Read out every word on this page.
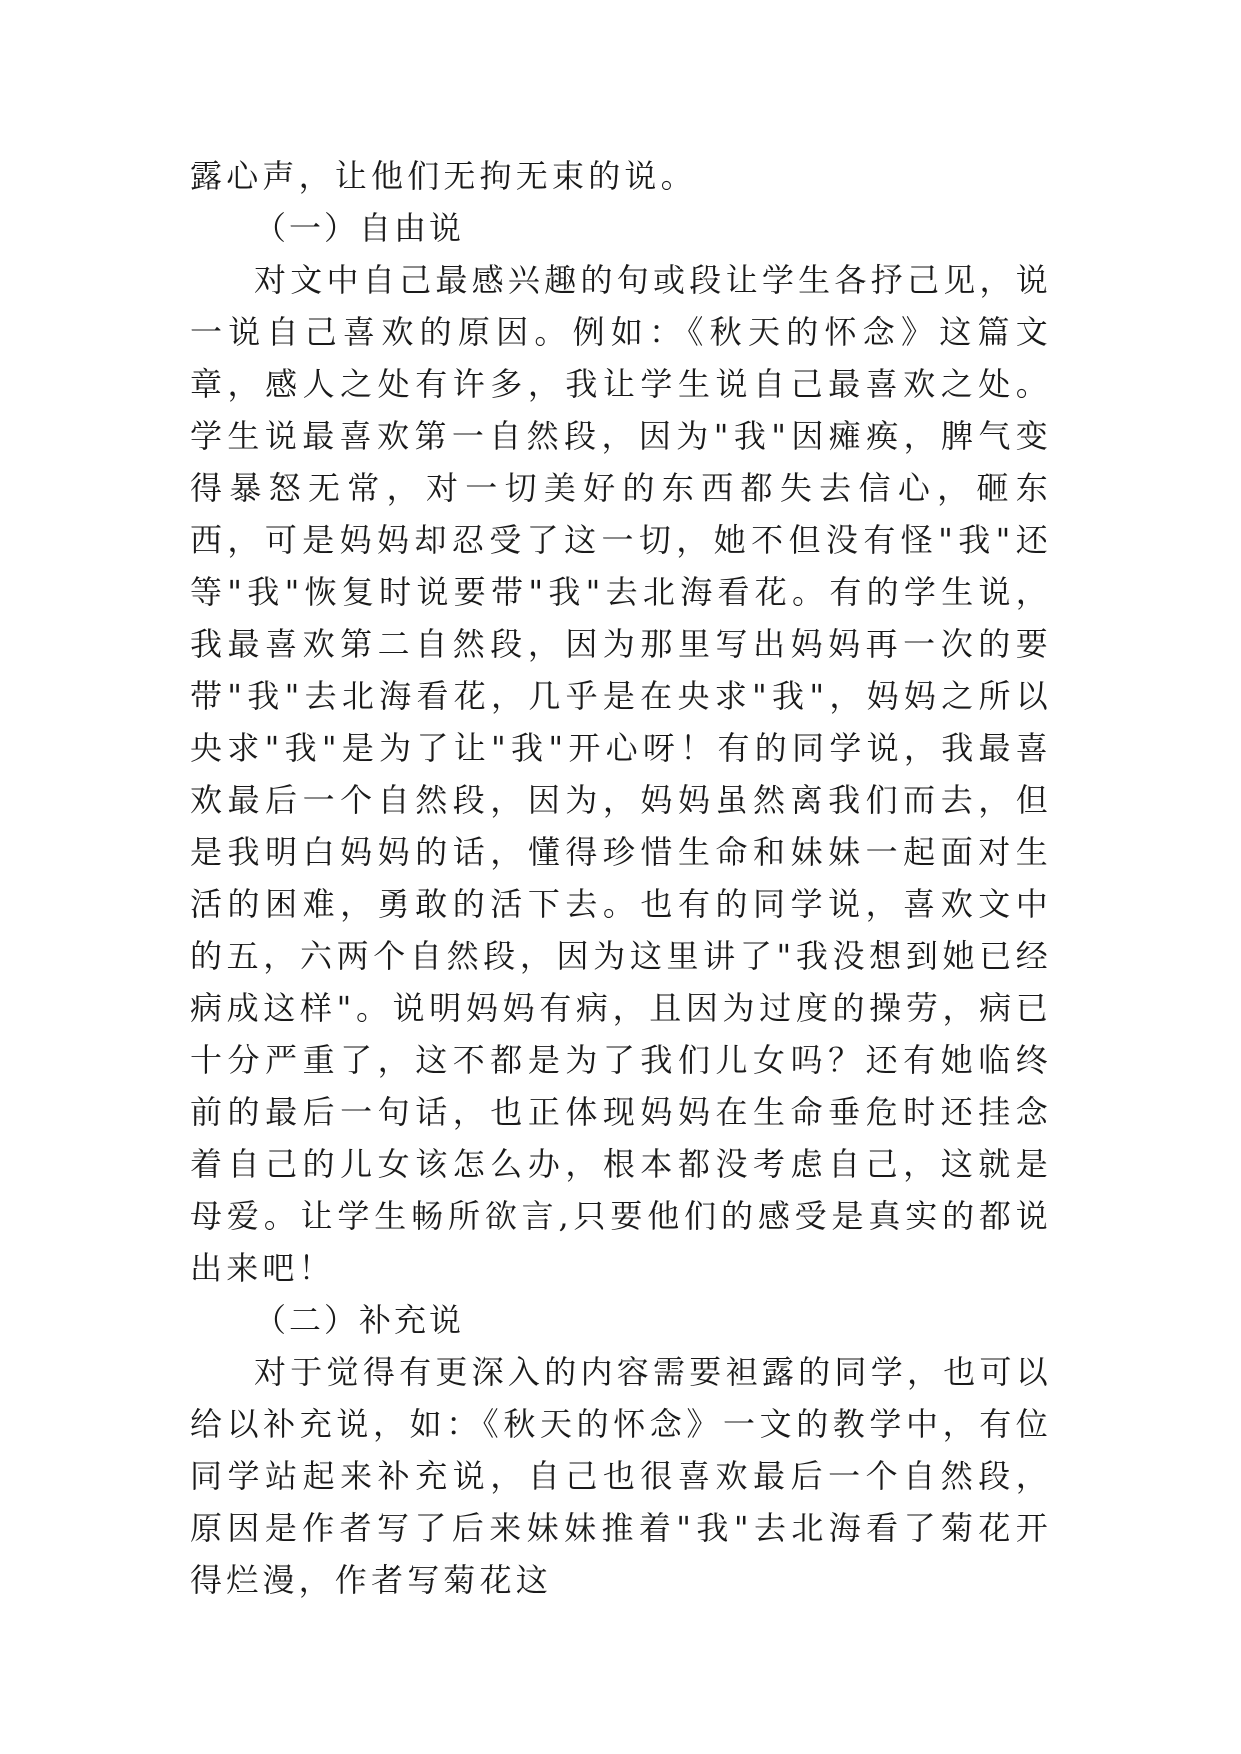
露心声，让他们无拘无束的说。

（一）自由说

对文中自己最感兴趣的句或段让学生各抒己见，说一说自己喜欢的原因。例如：《秋天的怀念》这篇文章，感人之处有许多，我让学生说自己最喜欢之处。学生说最喜欢第一自然段，因为"我"因瘫痪，脾气变得暴怒无常，对一切美好的东西都失去信心，砸东西，可是妈妈却忍受了这一切，她不但没有怪"我"还等"我"恢复时说要带"我"去北海看花。有的学生说，我最喜欢第二自然段，因为那里写出妈妈再一次的要带"我"去北海看花，几乎是在央求"我"，妈妈之所以央求"我"是为了让"我"开心呀！有的同学说，我最喜欢最后一个自然段，因为，妈妈虽然离我们而去，但是我明白妈妈的话，懂得珍惜生命和妹妹一起面对生活的困难，勇敢的活下去。也有的同学说，喜欢文中的五，六两个自然段，因为这里讲了"我没想到她已经病成这样"。说明妈妈有病，且因为过度的操劳，病已十分严重了，这不都是为了我们儿女吗？还有她临终前的最后一句话，也正体现妈妈在生命垂危时还挂念着自己的儿女该怎么办，根本都没考虑自己，这就是母爱。让学生畅所欲言,只要他们的感受是真实的都说出来吧！

（二）补充说

对于觉得有更深入的内容需要袒露的同学，也可以给以补充说，如：《秋天的怀念》一文的教学中，有位同学站起来补充说，自己也很喜欢最后一个自然段，原因是作者写了后来妹妹推着"我"去北海看了菊花开得烂漫，作者写菊花这
